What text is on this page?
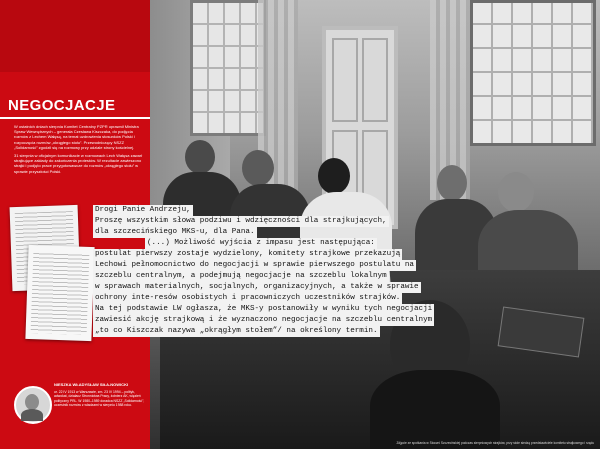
NEGOCJACJE

W ostatnich dniach sierpnia Komitet Centralny PZPR uprawnił Ministra Spraw Wewnętrznych – generała Czesława Kiszczaka, do podjęcia rozmów z Lechem Wałęsą, na temat uzdrowienia stosunków Polski i rozpoczęcia rozmów „okrągłego stołu”. Przewodniczący NSZZ „Solidarność” zgodził się na rozmowy przy udziale strony kościelnej.

31 sierpnia w oficjalnym komunikacie w rozmowach Lech Wałęsa zawarł strajkujące zakłady do zakończenia protestów. W rezultacie zawieszono strajki i podjęto prace przygotowawcze do rozmów „okrągłego stołu” w sprawie przyszłości Polski.

NIESZKA WŁADYSŁAW SIŁA-NOWICKI
ur. 22 IV 1913 w Warszawie, zm. 23 IV 1994 – polityk, adwokat, działacz Stronnictwa Pracy, żołnierz AK, więzień polityczny PRL. W 1980–1989 doradca NSZZ „Solidarność”, uczestnik rozmów z władzami w sierpniu 1988 roku.
Drogi Panie Andrzeju,
Proszę wszystkim słowa podziwu i wdzięczności dla strajkujących,
dla szczecińskiego MKS-u, dla Pana.
(...) Możliwość wyjścia z impasu jest następująca:
postulat pierwszy zostaje wydzielony, komitety strajkowe przekazują
Lechowi pełnomocnictwo do negocjacji w sprawie pierwszego postulatu na
szczeblu centralnym, a podejmują negocjacje na szczeblu lokalnym
w sprawach materialnych, socjalnych, organizacyjnych, a także w sprawie
ochrony inte-resów osobistych i pracowniczych uczestników strajków.
Na tej podstawie LW ogłasza, że MKS-y postanowiły w wyniku tych negocjacji
zawiesić akcję strajkową i że wyznaczono negocjacje na szczeblu centralnym
„to co Kiszczak nazywa „okrągłym stołem”/ na określony termin.
Zdjęcie ze spotkania w Stoczni Szczecińskiej podczas sierpniowych strajków, przy stole siedzą przedstawiciele komitetu strajkowego i rządu
